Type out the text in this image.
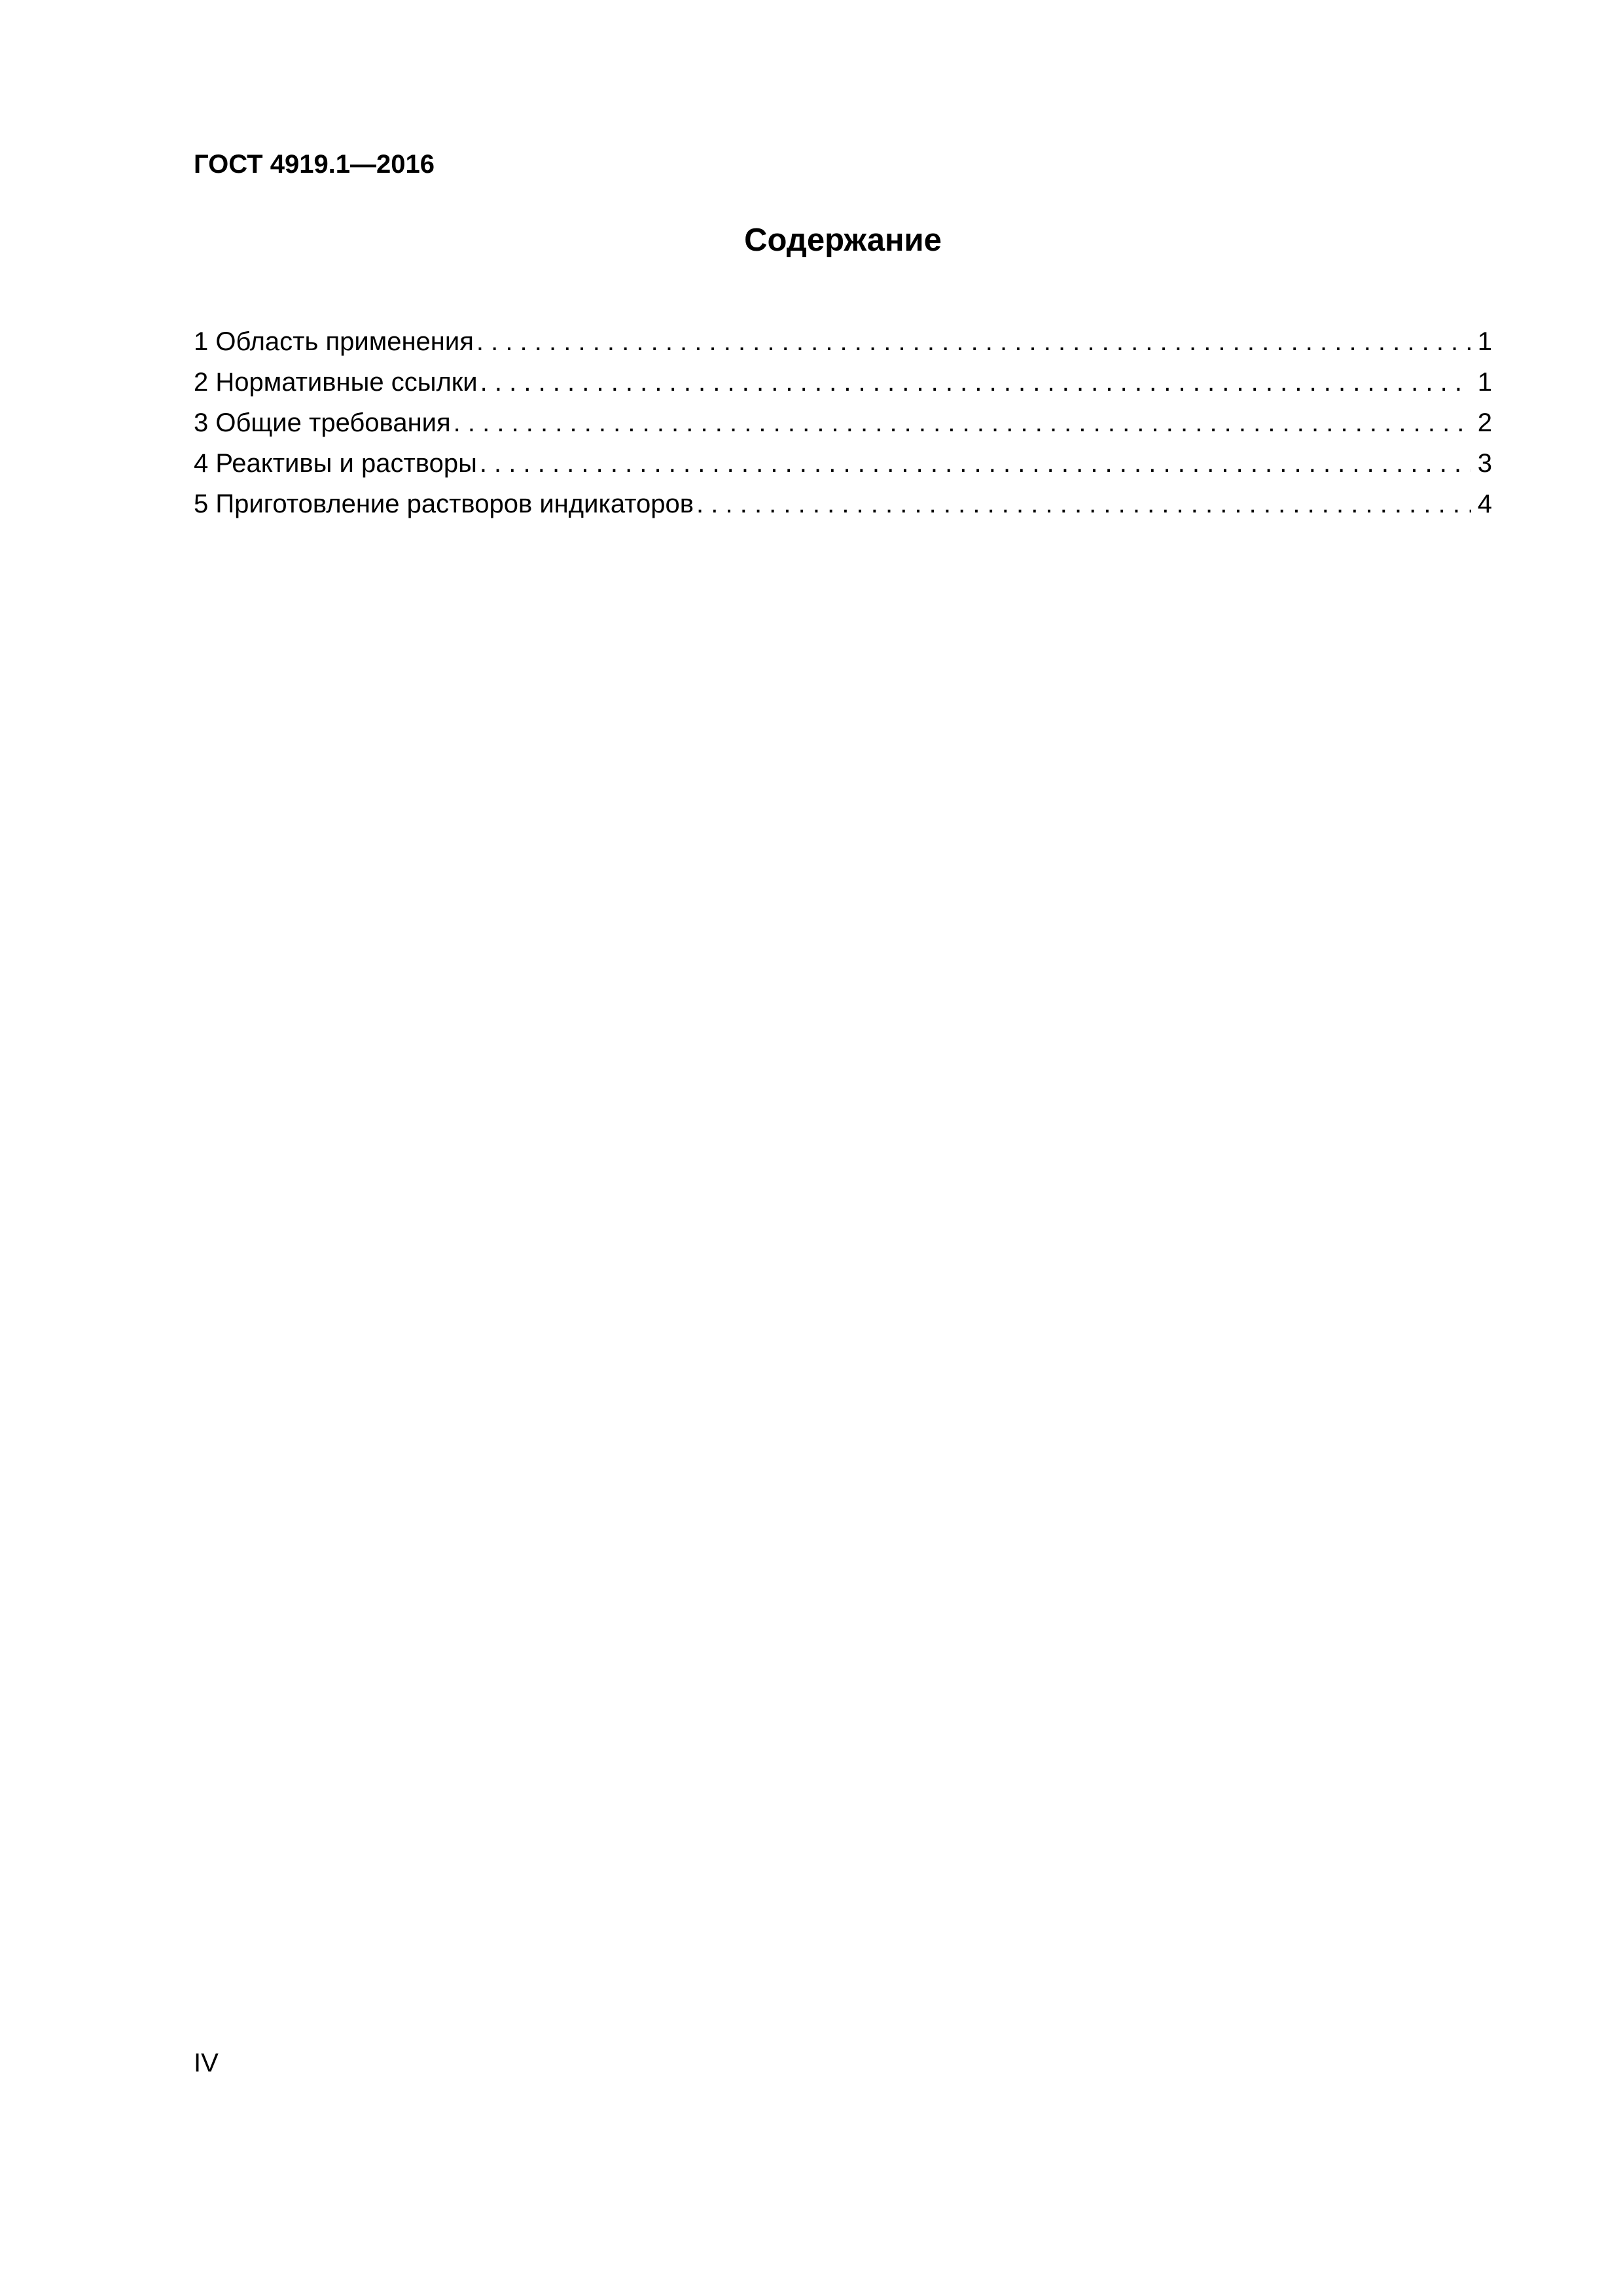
ГОСТ 4919.1—2016
Содержание
1 Область применения . . .	1
2 Нормативные ссылки . . .	1
3 Общие требования . . .	2
4 Реактивы и растворы . . .	3
5 Приготовление растворов индикаторов . . .	4
IV
